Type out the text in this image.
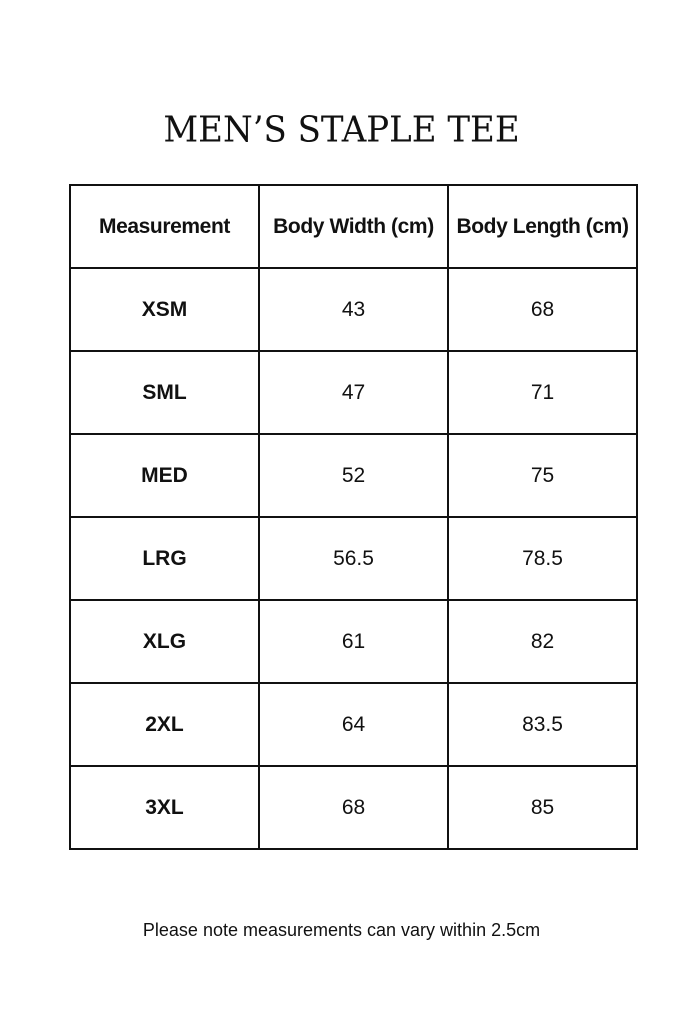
MEN’S STAPLE TEE
Measurement	Body Width (cm)	Body Length (cm)
XSM	43	68
SML	47	71
MED	52	75
LRG	56.5	78.5
XLG	61	82
2XL	64	83.5
3XL	68	85
Please note measurements can vary within 2.5cm
